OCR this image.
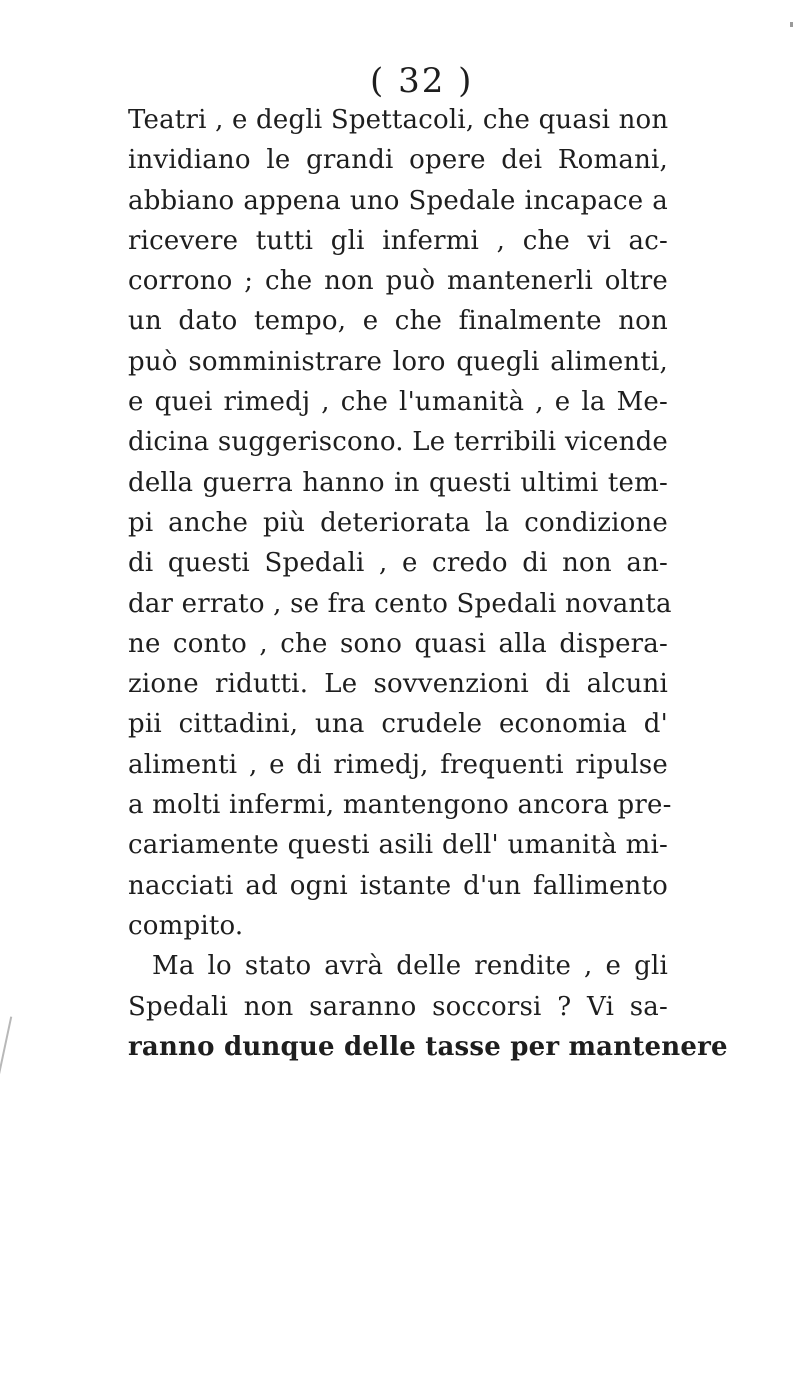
( 32 )
Teatri , e degli Spettacoli, che quasi non
invidiano le grandi opere dei Romani,
abbiano appena uno Spedale incapace a
ricevere tutti gli infermi , che vi ac-
corrono ; che non può mantenerli oltre
un dato tempo, e che finalmente non
può somministrare loro quegli alimenti,
e quei rimedj , che l'umanità , e la Me-
dicina suggeriscono. Le terribili vicende
della guerra hanno in questi ultimi tem-
pi anche più deteriorata la condizione
di questi Spedali , e credo di non an-
dar errato , se fra cento Spedali novanta
ne conto , che sono quasi alla dispera-
zione ridutti. Le sovvenzioni di alcuni
pii cittadini, una crudele economia d'
alimenti , e di rimedj, frequenti ripulse
a molti infermi, mantengono ancora pre-
cariamente questi asili dell' umanità mi-
nacciati ad ogni istante d'un fallimento
compito.
Ma lo stato avrà delle rendite , e gli
Spedali non saranno soccorsi ? Vi sa-
ranno dunque delle tasse per mantenere
